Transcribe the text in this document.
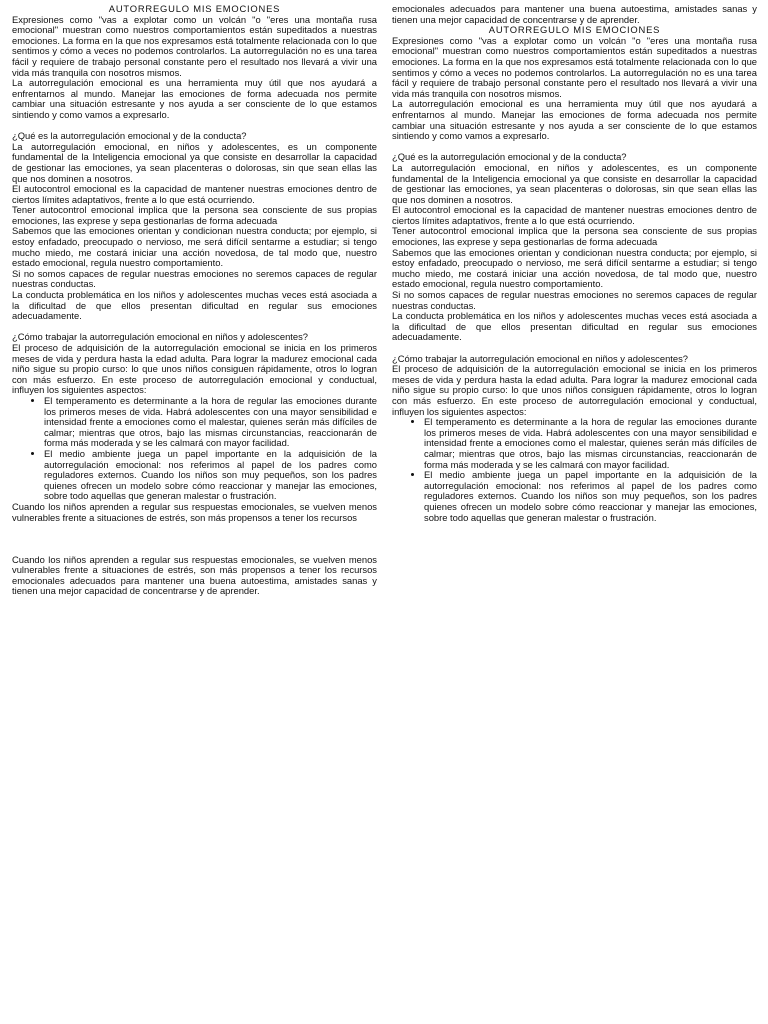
AUTORREGULO MIS EMOCIONES

Expresiones como "vas a explotar como un volcán "o "eres una montaña rusa emocional" muestran como nuestros comportamientos están supeditados a nuestras emociones. La forma en la que nos expresamos está totalmente relacionada con lo que sentimos y cómo a veces no podemos controlarlos. La autorregulación no es una tarea fácil y requiere de trabajo personal constante pero el resultado nos llevará a vivir una vida más tranquila con nosotros mismos.

La autorregulación emocional es una herramienta muy útil que nos ayudará a enfrentarnos al mundo. Manejar las emociones de forma adecuada nos permite cambiar una situación estresante y nos ayuda a ser consciente de lo que estamos sintiendo y como vamos a expresarlo.

¿Qué es la autorregulación emocional y de la conducta?

La autorregulación emocional, en niños y adolescentes, es un componente fundamental de la Inteligencia emocional ya que consiste en desarrollar la capacidad de gestionar las emociones, ya sean placenteras o dolorosas, sin que sean ellas las que nos dominen a nosotros.

El autocontrol emocional es la capacidad de mantener nuestras emociones dentro de ciertos límites adaptativos, frente a lo que está ocurriendo.

Tener autocontrol emocional implica que la persona sea consciente de sus propias emociones, las exprese y sepa gestionarlas de forma adecuada

Sabemos que las emociones orientan y condicionan nuestra conducta; por ejemplo, si estoy enfadado, preocupado o nervioso, me será difícil sentarme a estudiar; si tengo mucho miedo, me costará iniciar una acción novedosa, de tal modo que, nuestro estado emocional, regula nuestro comportamiento.

Si no somos capaces de regular nuestras emociones no seremos capaces de regular nuestras conductas.

La conducta problemática en los niños y adolescentes muchas veces está asociada a la dificultad de que ellos presentan dificultad en regular sus emociones adecuadamente.

¿Cómo trabajar la autorregulación emocional en niños y adolescentes?

El proceso de adquisición de la autorregulación emocional se inicia en los primeros meses de vida y perdura hasta la edad adulta. Para lograr la madurez emocional cada niño sigue su propio curso: lo que unos niños consiguen rápidamente, otros lo logran con más esfuerzo. En este proceso de autorregulación emocional y conductual, influyen los siguientes aspectos:

• El temperamento es determinante a la hora de regular las emociones durante los primeros meses de vida. Habrá adolescentes con una mayor sensibilidad e intensidad frente a emociones como el malestar, quienes serán más difíciles de calmar; mientras que otros, bajo las mismas circunstancias, reaccionarán de forma más moderada y se les calmará con mayor facilidad.
• El medio ambiente juega un papel importante en la adquisición de la autorregulación emocional: nos referimos al papel de los padres como reguladores externos. Cuando los niños son muy pequeños, son los padres quienes ofrecen un modelo sobre cómo reaccionar y manejar las emociones, sobre todo aquellas que generan malestar o frustración.

Cuando los niños aprenden a regular sus respuestas emocionales, se vuelven menos vulnerables frente a situaciones de estrés, son más propensos a tener los recursos

Cuando los niños aprenden a regular sus respuestas emocionales, se vuelven menos vulnerables frente a situaciones de estrés, son más propensos a tener los recursos emocionales adecuados para mantener una buena autoestima, amistades sanas y tienen una mejor capacidad de concentrarse y de aprender.

emocionales adecuados para mantener una buena autoestima, amistades sanas y tienen una mejor capacidad de concentrarse y de aprender.

AUTORREGULO MIS EMOCIONES

Expresiones como "vas a explotar como un volcán "o "eres una montaña rusa emocional" muestran como nuestros comportamientos están supeditados a nuestras emociones. La forma en la que nos expresamos está totalmente relacionada con lo que sentimos y cómo a veces no podemos controlarlos. La autorregulación no es una tarea fácil y requiere de trabajo personal constante pero el resultado nos llevará a vivir una vida más tranquila con nosotros mismos.

La autorregulación emocional es una herramienta muy útil que nos ayudará a enfrentarnos al mundo. Manejar las emociones de forma adecuada nos permite cambiar una situación estresante y nos ayuda a ser consciente de lo que estamos sintiendo y como vamos a expresarlo.

¿Qué es la autorregulación emocional y de la conducta?

La autorregulación emocional, en niños y adolescentes, es un componente fundamental de la Inteligencia emocional ya que consiste en desarrollar la capacidad de gestionar las emociones, ya sean placenteras o dolorosas, sin que sean ellas las que nos dominen a nosotros.

El autocontrol emocional es la capacidad de mantener nuestras emociones dentro de ciertos límites adaptativos, frente a lo que está ocurriendo.

Tener autocontrol emocional implica que la persona sea consciente de sus propias emociones, las exprese y sepa gestionarlas de forma adecuada

Sabemos que las emociones orientan y condicionan nuestra conducta; por ejemplo, si estoy enfadado, preocupado o nervioso, me será difícil sentarme a estudiar; si tengo mucho miedo, me costará iniciar una acción novedosa, de tal modo que, nuestro estado emocional, regula nuestro comportamiento.

Si no somos capaces de regular nuestras emociones no seremos capaces de regular nuestras conductas.

La conducta problemática en los niños y adolescentes muchas veces está asociada a la dificultad de que ellos presentan dificultad en regular sus emociones adecuadamente.

¿Cómo trabajar la autorregulación emocional en niños y adolescentes?

El proceso de adquisición de la autorregulación emocional se inicia en los primeros meses de vida y perdura hasta la edad adulta. Para lograr la madurez emocional cada niño sigue su propio curso: lo que unos niños consiguen rápidamente, otros lo logran con más esfuerzo. En este proceso de autorregulación emocional y conductual, influyen los siguientes aspectos:

• El temperamento es determinante a la hora de regular las emociones durante los primeros meses de vida. Habrá adolescentes con una mayor sensibilidad e intensidad frente a emociones como el malestar, quienes serán más difíciles de calmar; mientras que otros, bajo las mismas circunstancias, reaccionarán de forma más moderada y se les calmará con mayor facilidad.
• El medio ambiente juega un papel importante en la adquisición de la autorregulación emocional: nos referimos al papel de los padres como reguladores externos. Cuando los niños son muy pequeños, son los padres quienes ofrecen un modelo sobre cómo reaccionar y manejar las emociones, sobre todo aquellas que generan malestar o frustración.
